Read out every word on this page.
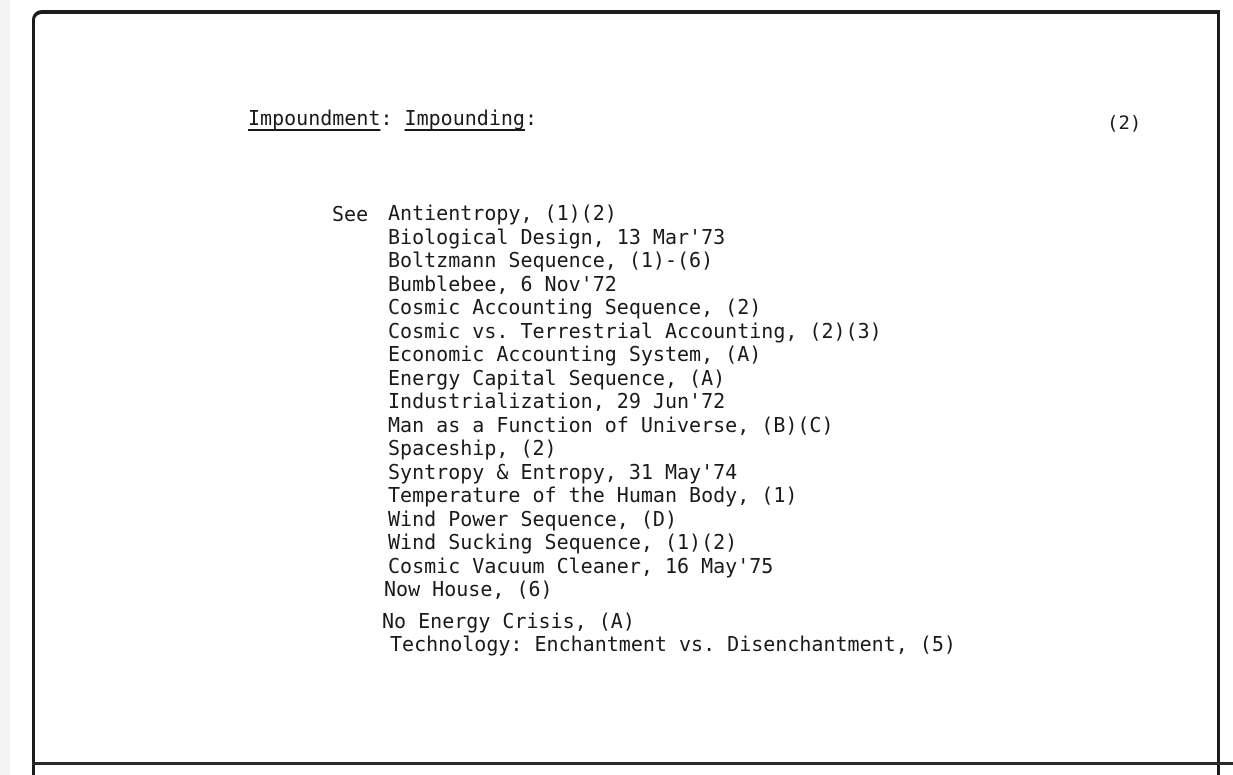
Impoundment: Impounding:	(2)
See Antientropy, (1)(2)
Biological Design, 13 Mar'73
Boltzmann Sequence, (1)-(6)
Bumblebee, 6 Nov'72
Cosmic Accounting Sequence, (2)
Cosmic vs. Terrestrial Accounting, (2)(3)
Economic Accounting System, (A)
Energy Capital Sequence, (A)
Industrialization, 29 Jun'72
Man as a Function of Universe, (B)(C)
Spaceship, (2)
Syntropy & Entropy, 31 May'74
Temperature of the Human Body, (1)
Wind Power Sequence, (D)
Wind Sucking Sequence, (1)(2)
Cosmic Vacuum Cleaner, 16 May'75
Now House, (6)
No Energy Crisis, (A)
Technology: Enchantment vs. Disenchantment, (5)
